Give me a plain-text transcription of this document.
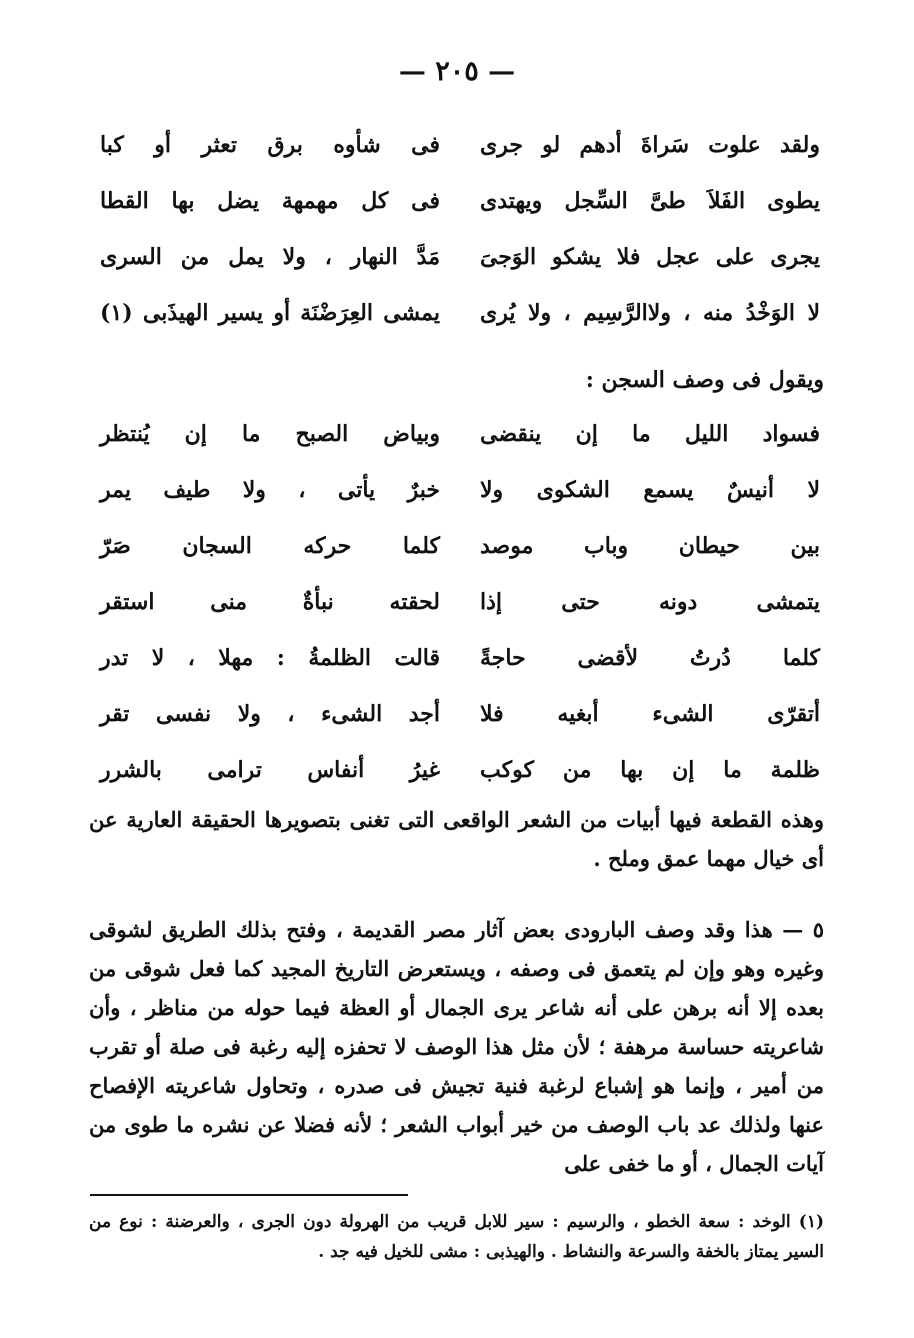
— ٢٠٥ —
ولقد علوت سَراةَ أدهم لو جرى
فى شأوه برق تعثر أو كبا
يطوى الفَلاَ طىَّ السِّجل ويهتدى
فى كل مهمهة يضل بها القطا
يجرى على عجل فلا يشكو الوَجىَ
مَدَّ النهار ، ولا يمل من السرى
لا الوَخْدُ منه ، ولاالرَّسِيم ، ولا يُرى
يمشى العِرَضْنَة أو يسير الهيذَبى (١)
ويقول فى وصف السجن :
فسواد الليل ما إن ينقضى
وبياض الصبح ما إن يُنتظر
لا أنيسٌ يسمع الشكوى ولا
خبرٌ يأتى ، ولا طيف يمر
بين حيطان وباب موصد
كلما حركه السجان صَرّ
يتمشى دونه حتى إذا
لحقته نبأةٌ منى استقر
كلما دُرتُ لأقضى حاجةً
قالت الظلمةُ : مهلا ، لا تدر
أتقرّى الشىء أبغيه فلا
أجد الشىء ، ولا نفسى تقر
ظلمة ما إن بها من كوكب
غيرُ أنفاس ترامى بالشرر

وهذه القطعة فيها أبيات من الشعر الواقعى التى تغنى بتصويرها الحقيقة العارية عن أى خيال مهما عمق وملح .

٥ — هذا وقد وصف البارودى بعض آثار مصر القديمة ، وفتح بذلك الطريق لشوقى وغيره وهو وإن لم يتعمق فى وصفه ، ويستعرض التاريخ المجيد كما فعل شوقى من بعده إلا أنه برهن على أنه شاعر يرى الجمال أو العظة فيما حوله من مناظر ، وأن شاعريته حساسة مرهفة ؛ لأن مثل هذا الوصف لا تحفزه إليه رغبة فى صلة أو تقرب من أمير ، وإنما هو إشباع لرغبة فنية تجيش فى صدره ، وتحاول شاعريته الإفصاح عنها ولذلك عد باب الوصف من خير أبواب الشعر ؛ لأنه فضلا عن نشره ما طوى من آيات الجمال ، أو ما خفى على

(١) الوخد : سعة الخطو ، والرسيم : سير للابل قريب من الهرولة دون الجرى ، والعرضنة : نوع من السير يمتاز بالخفة والسرعة والنشاط . والهيذبى : مشى للخيل فيه جد .
